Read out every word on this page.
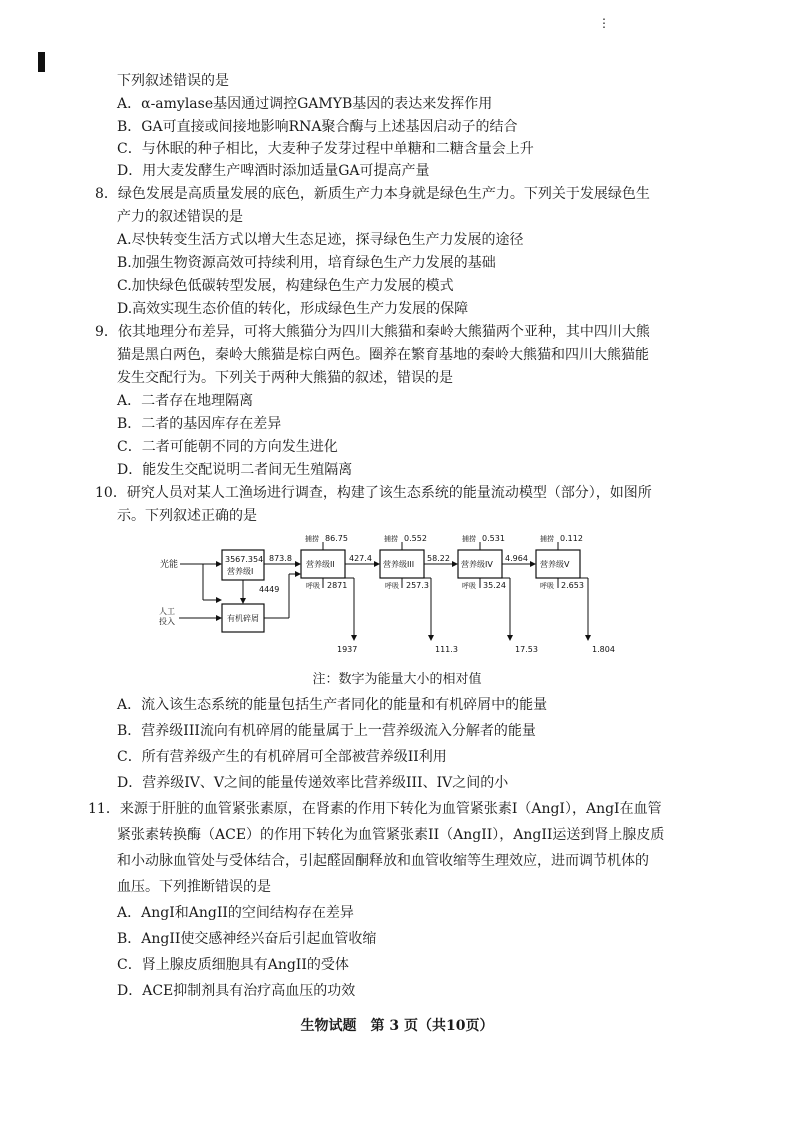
⋮
下列叙述错误的是
A．α-amylase基因通过调控GAMYB基因的表达来发挥作用
B．GA可直接或间接地影响RNA聚合酶与上述基因启动子的结合
C．与休眠的种子相比，大麦种子发芽过程中单糖和二糖含量会上升
D．用大麦发酵生产啤酒时添加适量GA可提高产量
8．绿色发展是高质量发展的底色，新质生产力本身就是绿色生产力。下列关于发展绿色生
产力的叙述错误的是
A.尽快转变生活方式以增大生态足迹，探寻绿色生产力发展的途径
B.加强生物资源高效可持续利用，培育绿色生产力发展的基础
C.加快绿色低碳转型发展，构建绿色生产力发展的模式
D.高效实现生态价值的转化，形成绿色生产力发展的保障
9．依其地理分布差异，可将大熊猫分为四川大熊猫和秦岭大熊猫两个亚种，其中四川大熊
猫是黑白两色，秦岭大熊猫是棕白两色。圈养在繁育基地的秦岭大熊猫和四川大熊猫能
发生交配行为。下列关于两种大熊猫的叙述，错误的是
A．二者存在地理隔离
B．二者的基因库存在差异
C．二者可能朝不同的方向发生进化
D．能发生交配说明二者间无生殖隔离
10．研究人员对某人工渔场进行调查，构建了该生态系统的能量流动模型（部分），如图所
示。下列叙述正确的是
光能
人工
投入
3567.354
营养级I
有机碎屑
873.8
4449
营养级II
捕捞 86.75
呼吸 2871
1937
427.4
营养级III
捕捞 0.552
呼吸 257.3
111.3
58.22
营养级IV
捕捞 0.531
呼吸 35.24
17.53
4.964
营养级V
捕捞 0.112
呼吸 2.653
1.804
注：数字为能量大小的相对值
A．流入该生态系统的能量包括生产者同化的能量和有机碎屑中的能量
B．营养级III流向有机碎屑的能量属于上一营养级流入分解者的能量
C．所有营养级产生的有机碎屑可全部被营养级II利用
D．营养级IV、V之间的能量传递效率比营养级III、IV之间的小
11．来源于肝脏的血管紧张素原，在肾素的作用下转化为血管紧张素I（AngI），AngI在血管
紧张素转换酶（ACE）的作用下转化为血管紧张素II（AngII），AngII运送到肾上腺皮质
和小动脉血管处与受体结合，引起醛固酮释放和血管收缩等生理效应，进而调节机体的
血压。下列推断错误的是
A．AngI和AngII的空间结构存在差异
B．AngII使交感神经兴奋后引起血管收缩
C．肾上腺皮质细胞具有AngII的受体
D．ACE抑制剂具有治疗高血压的功效
生物试题　第 3 页（共10页）
